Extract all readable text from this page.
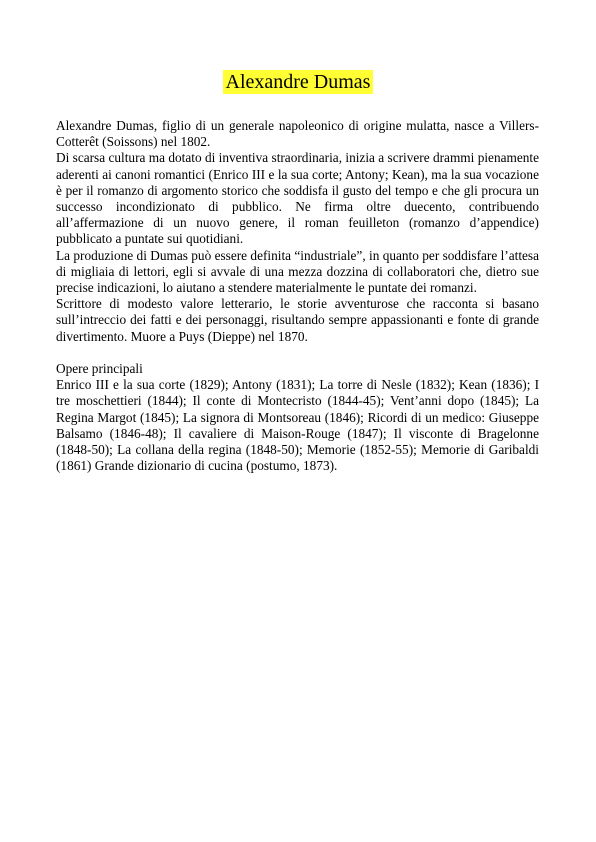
Alexandre Dumas

Alexandre Dumas, figlio di un generale napoleonico di origine mulatta, nasce a Villers-Cotterêt (Soissons) nel 1802.

Di scarsa cultura ma dotato di inventiva straordinaria, inizia a scrivere drammi pienamente aderenti ai canoni romantici (Enrico III e la sua corte; Antony; Kean), ma la sua vocazione è per il romanzo di argomento storico che soddisfa il gusto del tempo e che gli procura un successo incondizionato di pubblico. Ne firma oltre duecento, contribuendo all’affermazione di un nuovo genere, il roman feuilleton (romanzo d’appendice) pubblicato a puntate sui quotidiani.

La produzione di Dumas può essere definita “industriale”, in quanto per soddisfare l’attesa di migliaia di lettori, egli si avvale di una mezza dozzina di collaboratori che, dietro sue precise indicazioni, lo aiutano a stendere materialmente le puntate dei romanzi.

Scrittore di modesto valore letterario, le storie avventurose che racconta si basano sull’intreccio dei fatti e dei personaggi, risultando sempre appassionanti e fonte di grande divertimento. Muore a Puys (Dieppe) nel 1870.

Opere principali

Enrico III e la sua corte (1829); Antony (1831); La torre di Nesle (1832); Kean (1836); I tre moschettieri (1844); Il conte di Montecristo (1844-45); Vent’anni dopo (1845); La Regina Margot (1845); La signora di Montsoreau (1846); Ricordi di un medico: Giuseppe Balsamo (1846-48); Il cavaliere di Maison-Rouge (1847); Il visconte di Bragelonne (1848-50); La collana della regina (1848-50); Memorie (1852-55); Memorie di Garibaldi (1861) Grande dizionario di cucina (postumo, 1873).
